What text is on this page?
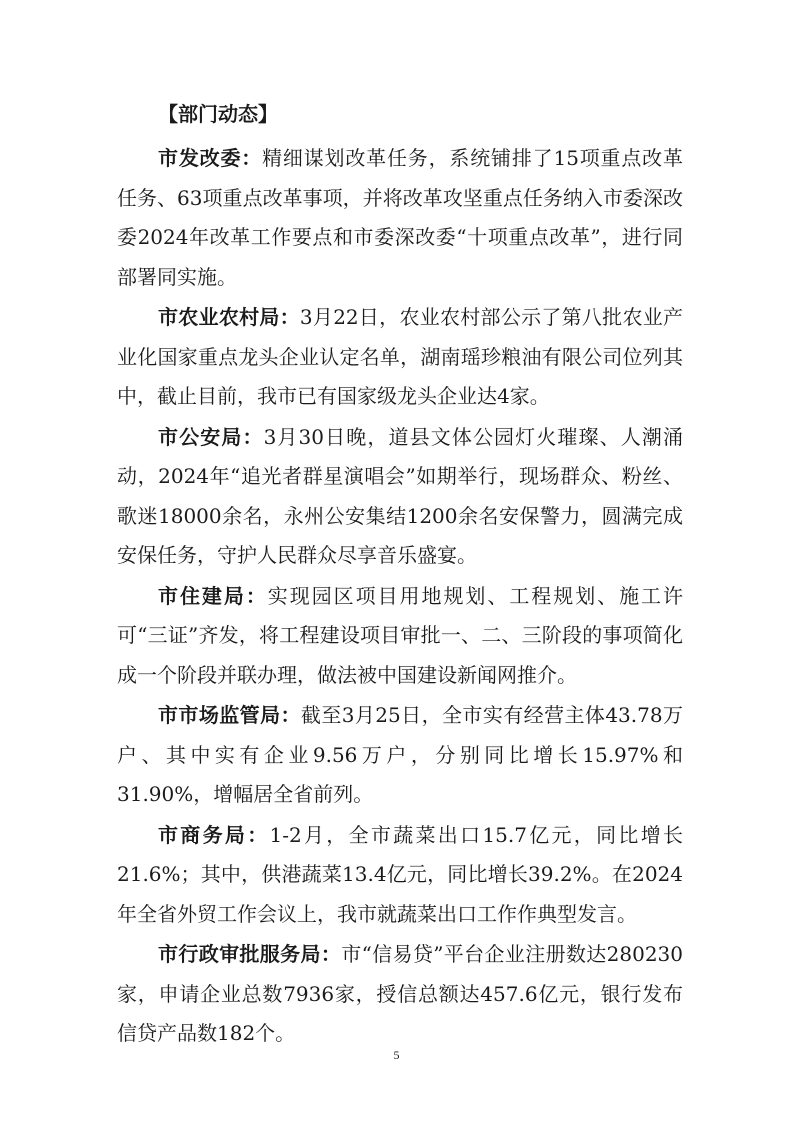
【部门动态】

市发改委：精细谋划改革任务，系统铺排了15项重点改革任务、63项重点改革事项，并将改革攻坚重点任务纳入市委深改委2024年改革工作要点和市委深改委“十项重点改革”，进行同部署同实施。

市农业农村局：3月22日，农业农村部公示了第八批农业产业化国家重点龙头企业认定名单，湖南瑶珍粮油有限公司位列其中，截止目前，我市已有国家级龙头企业达4家。

市公安局：3月30日晚，道县文体公园灯火璀璨、人潮涌动，2024年“追光者群星演唱会”如期举行，现场群众、粉丝、歌迷18000余名，永州公安集结1200余名安保警力，圆满完成安保任务，守护人民群众尽享音乐盛宴。

市住建局：实现园区项目用地规划、工程规划、施工许可“三证”齐发，将工程建设项目审批一、二、三阶段的事项简化成一个阶段并联办理，做法被中国建设新闻网推介。

市市场监管局：截至3月25日，全市实有经营主体43.78万户、其中实有企业9.56万户，分别同比增长15.97%和31.90%，增幅居全省前列。

市商务局：1-2月，全市蔬菜出口15.7亿元，同比增长21.6%；其中，供港蔬菜13.4亿元，同比增长39.2%。在2024年全省外贸工作会议上，我市就蔬菜出口工作作典型发言。

市行政审批服务局：市“信易贷”平台企业注册数达280230家，申请企业总数7936家，授信总额达457.6亿元，银行发布信贷产品数182个。

5
